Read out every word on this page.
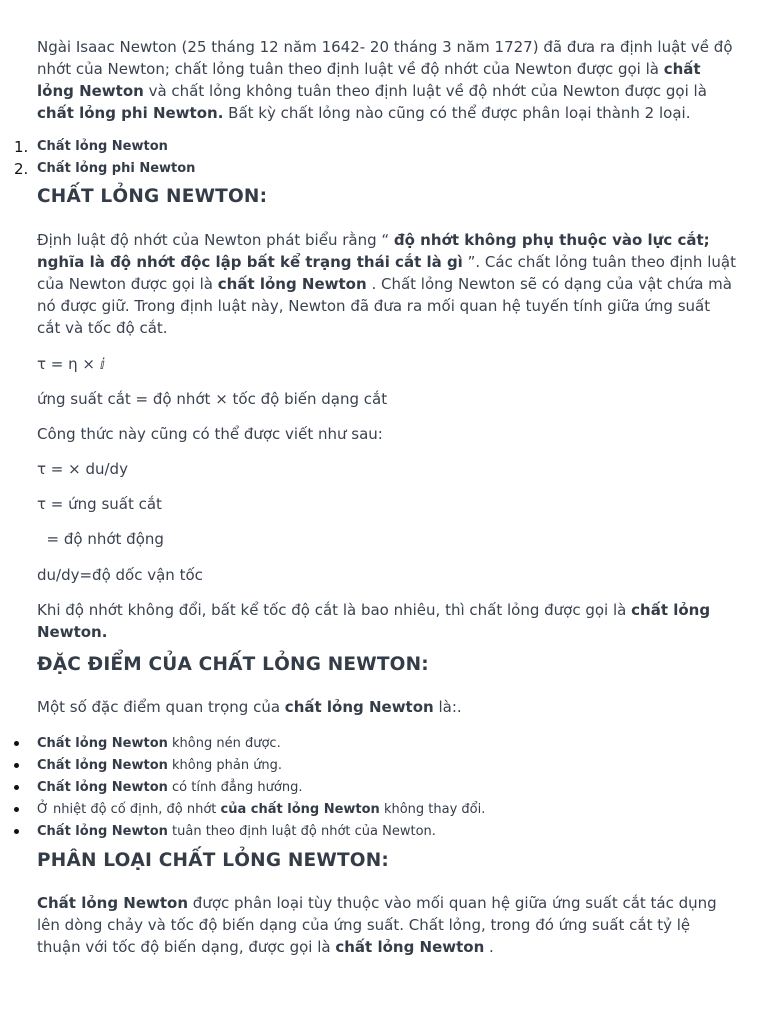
Ngài Isaac Newton (25 tháng 12 năm 1642- 20 tháng 3 năm 1727) đã đưa ra định luật về độ nhớt của Newton; chất lỏng tuân theo định luật về độ nhớt của Newton được gọi là chất lỏng Newton và chất lỏng không tuân theo định luật về độ nhớt của Newton được gọi là chất lỏng phi Newton. Bất kỳ chất lỏng nào cũng có thể được phân loại thành 2 loại.

1. Chất lỏng Newton
2. Chất lỏng phi Newton
CHẤT LỎNG NEWTON:

Định luật độ nhớt của Newton phát biểu rằng “ độ nhớt không phụ thuộc vào lực cắt; nghĩa là độ nhớt độc lập bất kể trạng thái cắt là gì ”. Các chất lỏng tuân theo định luật của Newton được gọi là chất lỏng Newton . Chất lỏng Newton sẽ có dạng của vật chứa mà nó được giữ. Trong định luật này, Newton đã đưa ra mối quan hệ tuyến tính giữa ứng suất cắt và tốc độ cắt.

τ = η × ⅈ

ứng suất cắt = độ nhớt × tốc độ biến dạng cắt

Công thức này cũng có thể được viết như sau:

τ = × du/dy

τ = ứng suất cắt

= độ nhớt động

du/dy=độ dốc vận tốc

Khi độ nhớt không đổi, bất kể tốc độ cắt là bao nhiêu, thì chất lỏng được gọi là chất lỏng Newton.

ĐẶC ĐIỂM CỦA CHẤT LỎNG NEWTON:

Một số đặc điểm quan trọng của chất lỏng Newton là:.

Chất lỏng Newton không nén được.
Chất lỏng Newton không phản ứng.
Chất lỏng Newton có tính đẳng hướng.
Ở nhiệt độ cố định, độ nhớt của chất lỏng Newton không thay đổi.
Chất lỏng Newton tuân theo định luật độ nhớt của Newton.
PHÂN LOẠI CHẤT LỎNG NEWTON:

Chất lỏng Newton được phân loại tùy thuộc vào mối quan hệ giữa ứng suất cắt tác dụng lên dòng chảy và tốc độ biến dạng của ứng suất. Chất lỏng, trong đó ứng suất cắt tỷ lệ thuận với tốc độ biến dạng, được gọi là chất lỏng Newton .
